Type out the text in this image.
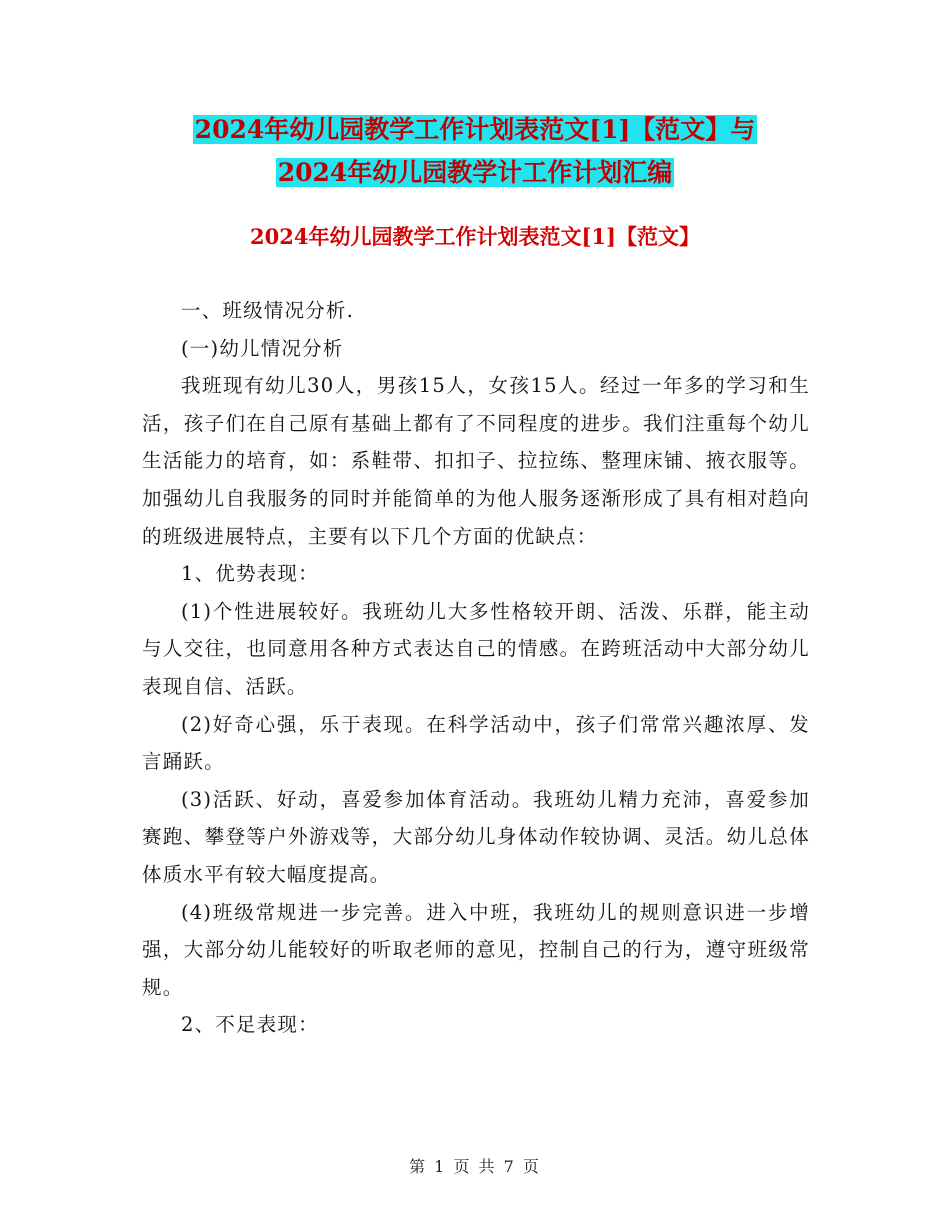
2024年幼儿园教学工作计划表范文[1]【范文】与
2024年幼儿园教学计工作计划汇编
2024年幼儿园教学工作计划表范文[1]【范文】

一、班级情况分析.

(一)幼儿情况分析

我班现有幼儿30人，男孩15人，女孩15人。经过一年多的学习和生活，孩子们在自己原有基础上都有了不同程度的进步。我们注重每个幼儿生活能力的培育，如：系鞋带、扣扣子、拉拉练、整理床铺、掖衣服等。加强幼儿自我服务的同时并能简单的为他人服务逐渐形成了具有相对趋向的班级进展特点，主要有以下几个方面的优缺点：

1、优势表现：

(1)个性进展较好。我班幼儿大多性格较开朗、活泼、乐群，能主动与人交往，也同意用各种方式表达自己的情感。在跨班活动中大部分幼儿表现自信、活跃。

(2)好奇心强，乐于表现。在科学活动中，孩子们常常兴趣浓厚、发言踊跃。

(3)活跃、好动，喜爱参加体育活动。我班幼儿精力充沛，喜爱参加赛跑、攀登等户外游戏等，大部分幼儿身体动作较协调、灵活。幼儿总体体质水平有较大幅度提高。

(4)班级常规进一步完善。进入中班，我班幼儿的规则意识进一步增强，大部分幼儿能较好的听取老师的意见，控制自己的行为，遵守班级常规。

2、不足表现：

第 1 页 共 7 页
